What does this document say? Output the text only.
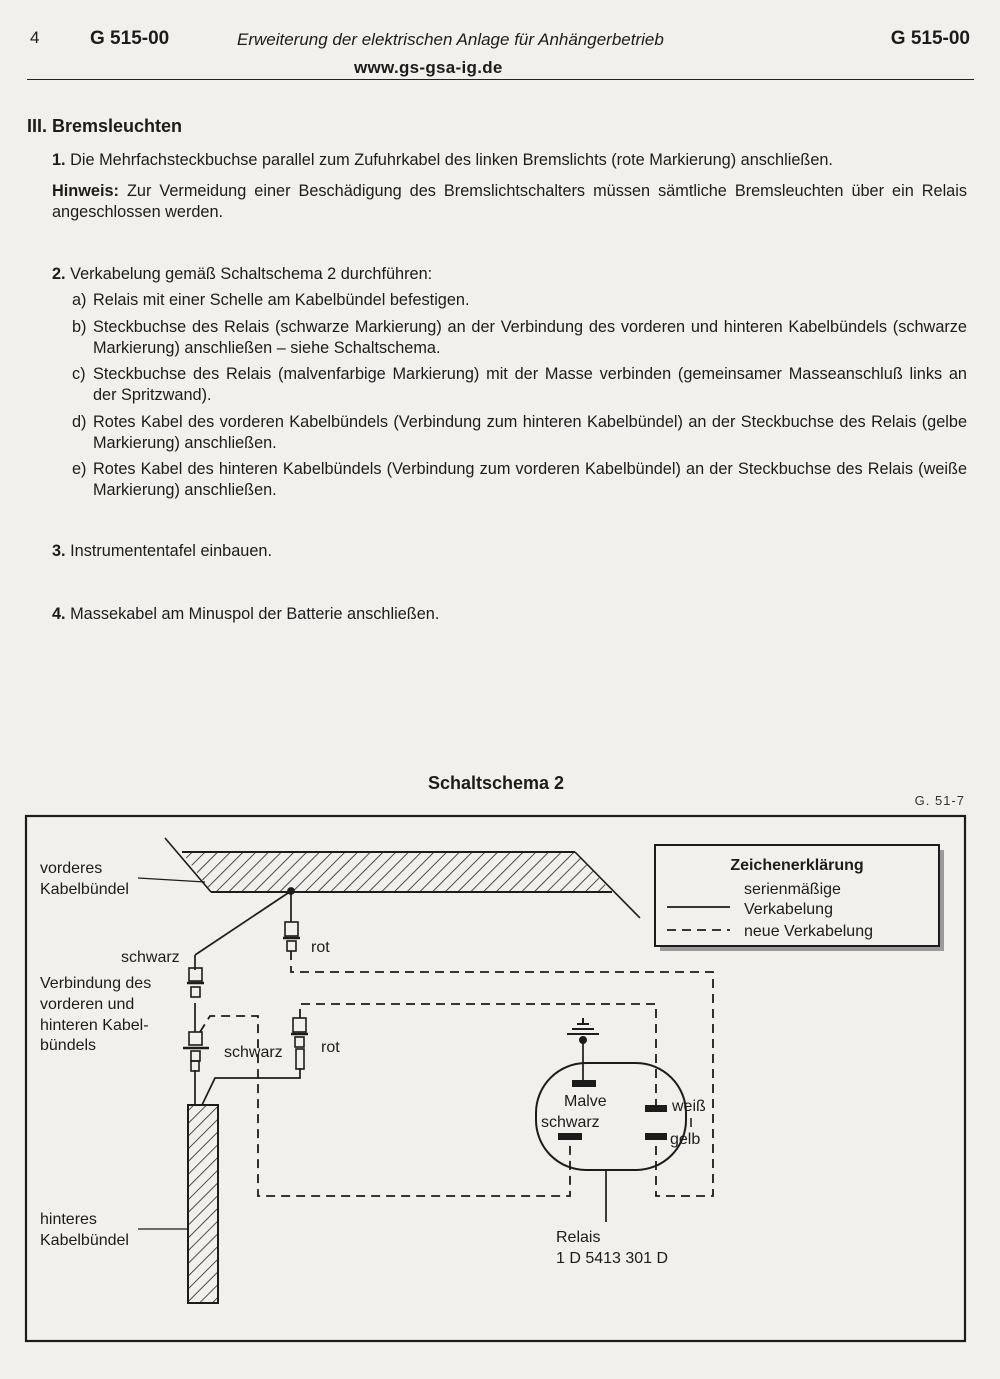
4	G 515-00	Erweiterung der elektrischen Anlage für Anhängerbetrieb	G 515-00
www.gs-gsa-ig.de
III. Bremsleuchten
1. Die Mehrfachsteckbuchse parallel zum Zufuhrkabel des linken Bremslichts (rote Markierung) anschließen.
Hinweis: Zur Vermeidung einer Beschädigung des Bremslichtschalters müssen sämtliche Bremsleuchten über ein Relais angeschlossen werden.
2. Verkabelung gemäß Schaltschema 2 durchführen:
a) Relais mit einer Schelle am Kabelbündel befestigen.
b) Steckbuchse des Relais (schwarze Markierung) an der Verbindung des vorderen und hinteren Kabelbündels (schwarze Markierung) anschließen – siehe Schaltschema.
c) Steckbuchse des Relais (malvenfarbige Markierung) mit der Masse verbinden (gemeinsamer Masseanschluß links an der Spritzwand).
d) Rotes Kabel des vorderen Kabelbündels (Verbindung zum hinteren Kabelbündel) an der Steckbuchse des Relais (gelbe Markierung) anschließen.
e) Rotes Kabel des hinteren Kabelbündels (Verbindung zum vorderen Kabelbündel) an der Steckbuchse des Relais (weiße Markierung) anschließen.
3. Instrumententafel einbauen.
4. Massekabel am Minuspol der Batterie anschließen.
Schaltschema 2
G. 51-7
Zeichenerklärung
serienmäßige
Verkabelung
neue Verkabelung
vorderes
Kabelbündel
schwarz
rot
Verbindung des
vorderen und
hinteren Kabel-
bündels	schwarz rot
Malve
schwarz
weiß
gelb
Relais
1 D 5413 301 D
hinteres
Kabelbündel
